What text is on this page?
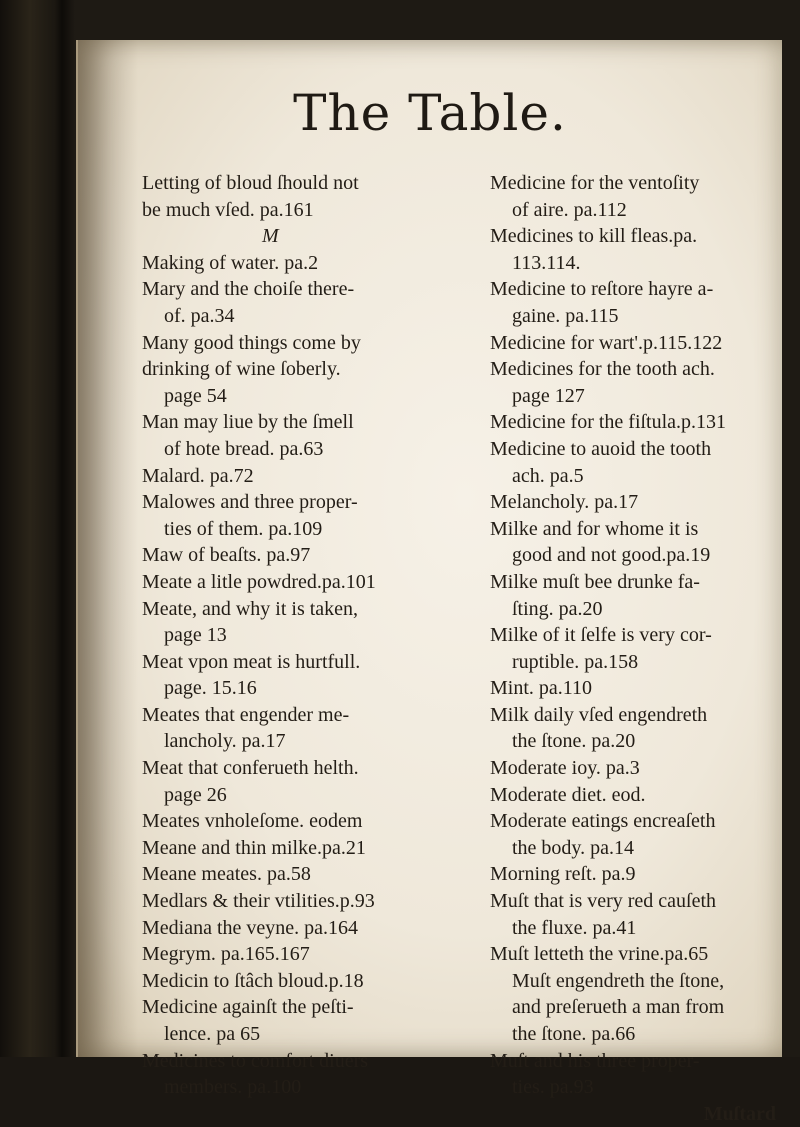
The Table.
Letting of bloud ſhould not
be much vſed. pa.161
M
Making of water. pa.2
Mary and the choiſe there-
of. pa.34
Many good things come by
drinking of wine ſoberly.
page 54
Man may liue by the ſmell
of hote bread. pa.63
Malard. pa.72
Malowes and three proper-
ties of them. pa.109
Maw of beaſts. pa.97
Meate a litle powdred.pa.101
Meate, and why it is taken,
page 13
Meat vpon meat is hurtfull.
page. 15.16
Meates that engender me-
lancholy. pa.17
Meat that conferueth helth.
page 26
Meates vnholeſome. eodem
Meane and thin milke.pa.21
Meane meates. pa.58
Medlars & their vtilities.p.93
Mediana the veyne. pa.164
Megrym. pa.165.167
Medicin to ſtâch bloud.p.18
Medicine againſt the peſti-
lence. pa 65
Medicines to comfort diuers
members. pa.100
Medicine for the ventoſity
of aire. pa.112
Medicines to kill fleas.pa.
113.114.
Medicine to reſtore hayre a-
gaine. pa.115
Medicine for wart'.p.115.122
Medicines for the tooth ach.
page 127
Medicine for the fiſtula.p.131
Medicine to auoid the tooth
ach. pa.5
Melancholy. pa.17
Milke and for whome it is
good and not good.pa.19
Milke muſt bee drunke fa-
ſting. pa.20
Milke of it ſelfe is very cor-
ruptible. pa.158
Mint. pa.110
Milk daily vſed engendreth
the ſtone. pa.20
Moderate ioy. pa.3
Moderate diet. eod.
Moderate eatings encreaſeth
the body. pa.14
Morning reſt. pa.9
Muſt that is very red cauſeth
the fluxe. pa.41
Muſt letteth the vrine.pa.65
Muſt engendreth the ſtone,
and preſerueth a man from
the ſtone. pa.66
Muſt and his three proper-
ties. pa.93
Muſtard
